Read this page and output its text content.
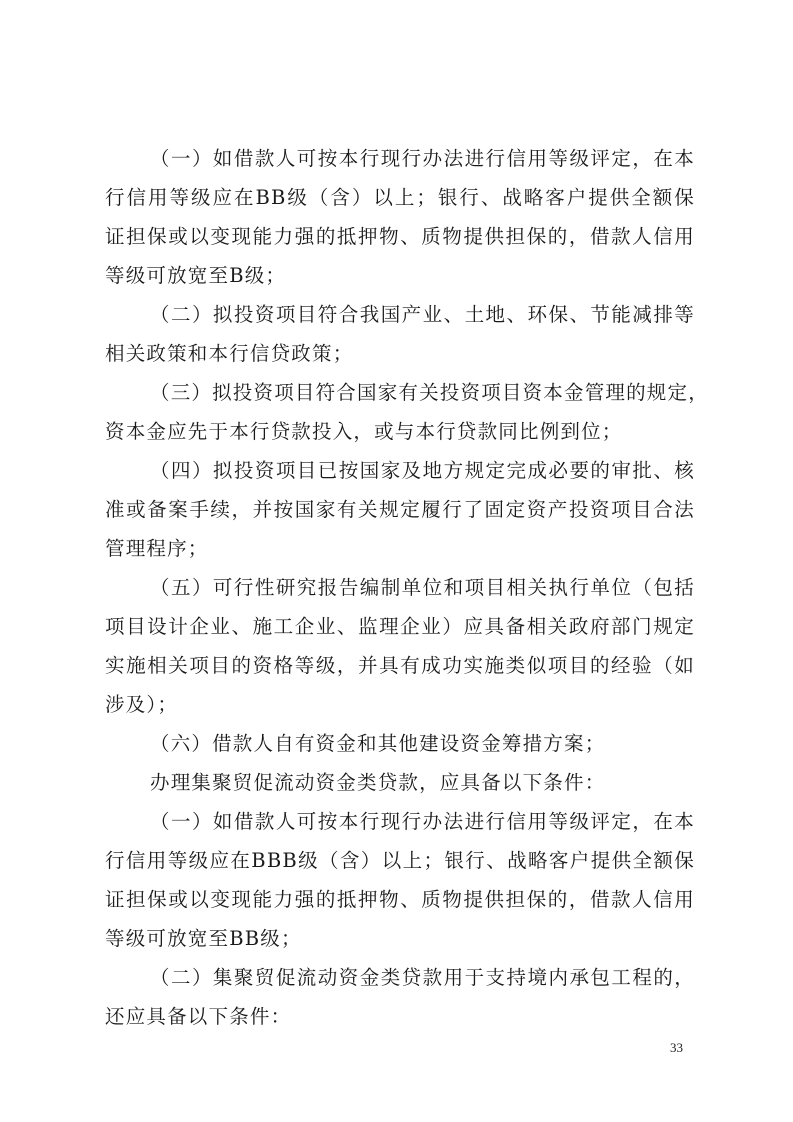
（一）如借款人可按本行现行办法进行信用等级评定，在本
行信用等级应在BB级（含）以上；银行、战略客户提供全额保
证担保或以变现能力强的抵押物、质物提供担保的，借款人信用
等级可放宽至B级；
（二）拟投资项目符合我国产业、土地、环保、节能减排等
相关政策和本行信贷政策；
（三）拟投资项目符合国家有关投资项目资本金管理的规定，
资本金应先于本行贷款投入，或与本行贷款同比例到位；
（四）拟投资项目已按国家及地方规定完成必要的审批、核
准或备案手续，并按国家有关规定履行了固定资产投资项目合法
管理程序；
（五）可行性研究报告编制单位和项目相关执行单位（包括
项目设计企业、施工企业、监理企业）应具备相关政府部门规定
实施相关项目的资格等级，并具有成功实施类似项目的经验（如
涉及）；
（六）借款人自有资金和其他建设资金筹措方案；
办理集聚贸促流动资金类贷款，应具备以下条件：
（一）如借款人可按本行现行办法进行信用等级评定，在本
行信用等级应在BBB级（含）以上；银行、战略客户提供全额保
证担保或以变现能力强的抵押物、质物提供担保的，借款人信用
等级可放宽至BB级；
（二）集聚贸促流动资金类贷款用于支持境内承包工程的，
还应具备以下条件：
33
